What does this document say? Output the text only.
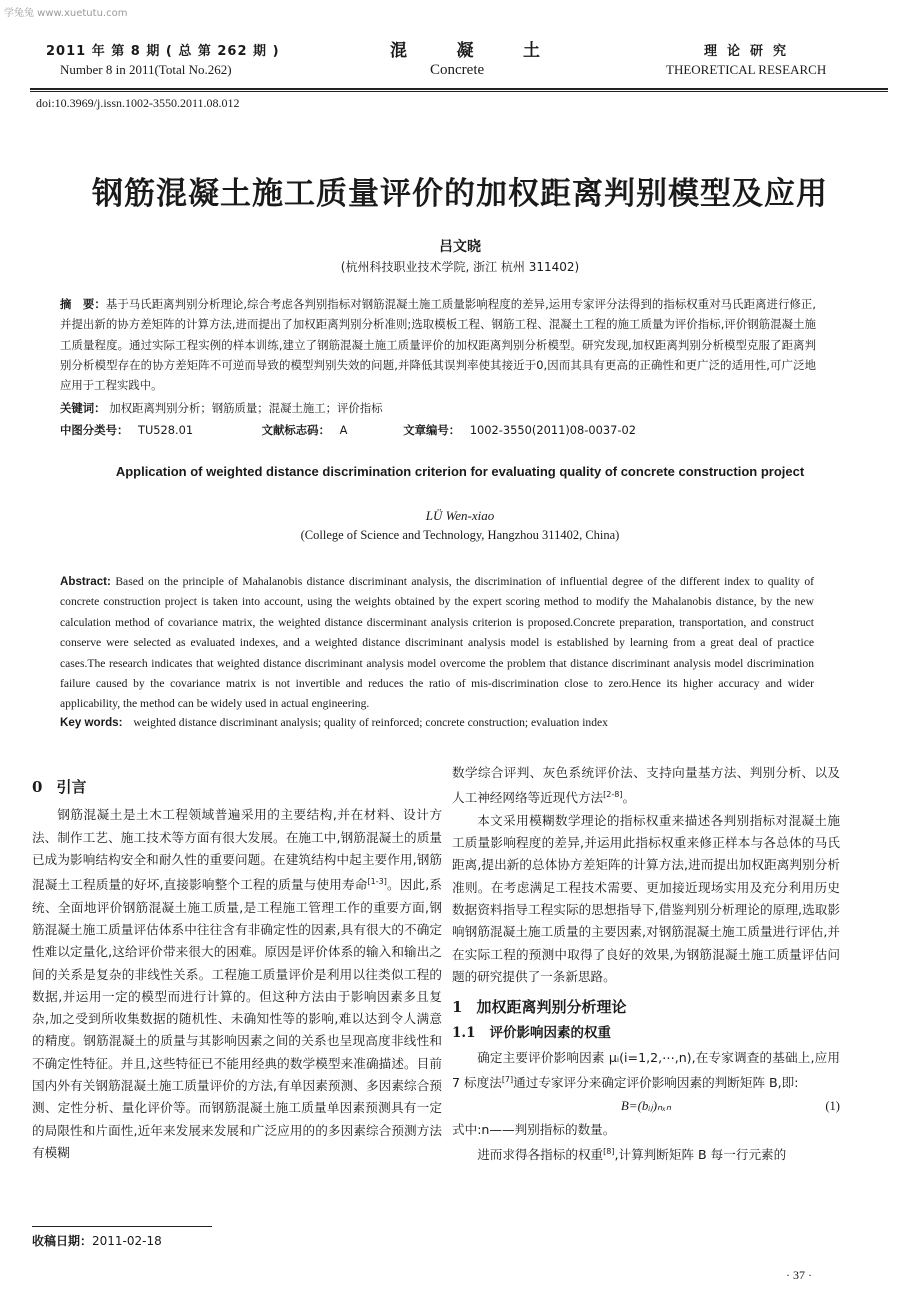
学兔兔 www.xuetutu.com
2011 年 第 8 期 ( 总 第 262 期 )
Number 8 in 2011(Total No.262)
混	凝	土
Concrete
理论研究
THEORETICAL RESEARCH
doi:10.3969/j.issn.1002-3550.2011.08.012
钢筋混凝土施工质量评价的加权距离判别模型及应用
吕文晓
(杭州科技职业技术学院, 浙江 杭州 311402)
摘　要：基于马氏距离判别分析理论,综合考虑各判别指标对钢筋混凝土施工质量影响程度的差异,运用专家评分法得到的指标权重对马氏距离进行修正,并提出新的协方差矩阵的计算方法,进而提出了加权距离判别分析准则;选取模板工程、钢筋工程、混凝土工程的施工质量为评价指标,评价钢筋混凝土施工质量程度。通过实际工程实例的样本训练,建立了钢筋混凝土施工质量评价的加权距离判别分析模型。研究发现,加权距离判别分析模型克服了距离判别分析模型存在的协方差矩阵不可逆而导致的模型判别失效的问题,并降低其误判率使其接近于0,因而其具有更高的正确性和更广泛的适用性,可广泛地应用于工程实践中。
关键词： 加权距离判别分析；钢筋质量；混凝土施工；评价指标
中图分类号： TU528.01	文献标志码： A	文章编号： 1002-3550(2011)08-0037-02
Application of weighted distance discrimination criterion for evaluating quality of concrete construction project
LÜ Wen-xiao
(College of Science and Technology, Hangzhou 311402, China)
Abstract: Based on the principle of Mahalanobis distance discriminant analysis, the discrimination of influential degree of the different index to quality of concrete construction project is taken into account, using the weights obtained by the expert scoring method to modify the Mahalanobis distance, by the new calculation method of covariance matrix, the weighted distance discerminant analysis criterion is proposed.Concrete preparation, transportation, and construct conserve were selected as evaluated indexes, and a weighted distance discriminant analysis model is established by learning from a great deal of practice cases.The research indicates that weighted distance discriminant analysis model overcome the problem that distance discriminant analysis model discrimination failure caused by the covariance matrix is not invertible and reduces the ratio of mis-discrimination close to zero.Hence its higher accuracy and wider applicability, the method can be widely used in actual engineering.
Key words: weighted distance discriminant analysis; quality of reinforced; concrete construction; evaluation index
0 引言

钢筋混凝土是土木工程领域普遍采用的主要结构,并在材料、设计方法、制作工艺、施工技术等方面有很大发展。在施工中,钢筋混凝土的质量已成为影响结构安全和耐久性的重要问题。在建筑结构中起主要作用,钢筋混凝土工程质量的好坏,直接影响整个工程的质量与使用寿命[1-3]。因此,系统、全面地评价钢筋混凝土施工质量,是工程施工管理工作的重要方面,钢筋混凝土施工质量评估体系中往往含有非确定性的因素,具有很大的不确定性难以定量化,这给评价带来很大的困难。原因是评价体系的输入和输出之间的关系是复杂的非线性关系。工程施工质量评价是利用以往类似工程的数据,并运用一定的模型而进行计算的。但这种方法由于影响因素多且复杂,加之受到所收集数据的随机性、未确知性等的影响,难以达到令人满意的精度。钢筋混凝土的质量与其影响因素之间的关系也呈现高度非线性和不确定性特征。并且,这些特征已不能用经典的数学模型来准确描述。目前国内外有关钢筋混凝土施工质量评价的方法,有单因素预测、多因素综合预测、定性分析、量化评价等。而钢筋混凝土施工质量单因素预测具有一定的局限性和片面性,近年来发展来发展和广泛应用的的多因素综合预测方法有模糊

数学综合评判、灰色系统评价法、支持向量基方法、判别分析、以及人工神经网络等近现代方法[2-8]。

本文采用模糊数学理论的指标权重来描述各判别指标对混凝土施工质量影响程度的差异,并运用此指标权重来修正样本与各总体的马氏距离,提出新的总体协方差矩阵的计算方法,进而提出加权距离判别分析准则。在考虑满足工程技术需要、更加接近现场实用及充分利用历史数据资料指导工程实际的思想指导下,借鉴判别分析理论的原理,选取影响钢筋混凝土施工质量的主要因素,对钢筋混凝土施工质量进行评估,并在实际工程的预测中取得了良好的效果,为钢筋混凝土施工质量评估问题的研究提供了一条新思路。

1 加权距离判别分析理论
1.1 评价影响因素的权重

确定主要评价影响因素 μᵢ(i=1,2,⋯,n),在专家调查的基础上,应用 7 标度法[7]通过专家评分来确定评价影响因素的判断矩阵 B,即:

B=(bᵢⱼ)ₙₓₙ	(1)

式中:n——判别指标的数量。

进而求得各指标的权重[8],计算判断矩阵 B 每一行元素的

收稿日期：2011-02-18
· 37 ·
